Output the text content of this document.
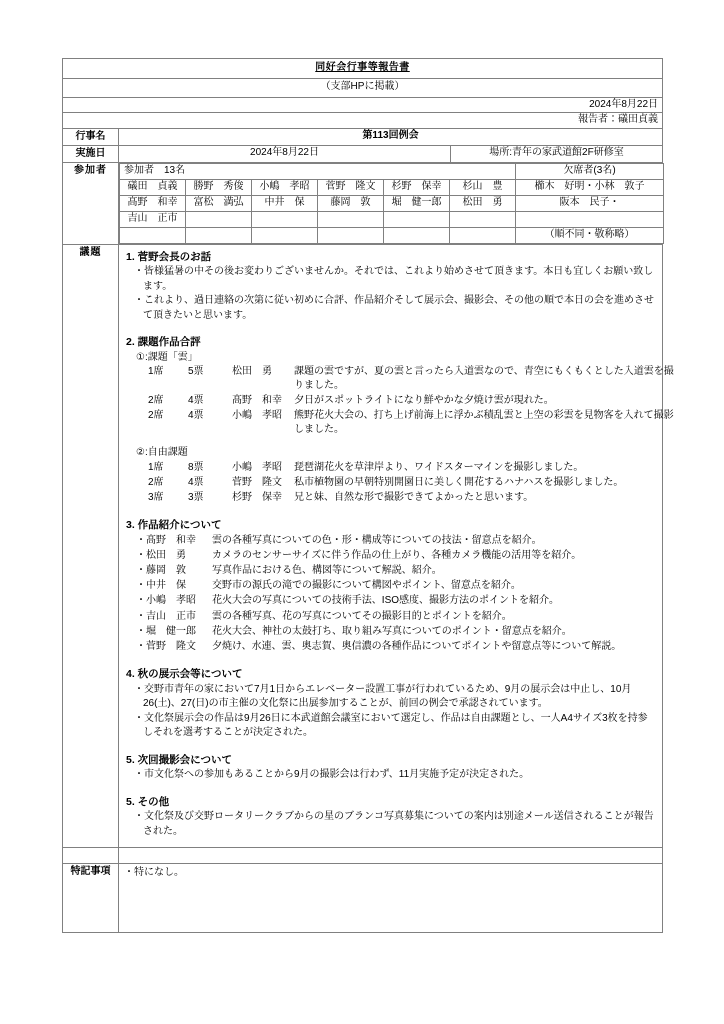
同好会行事等報告書
（支部HPに掲載）
2024年8月22日
報告者：礒田貞義
行事名	第113回例会
実施日	2024年8月22日	場所:青年の家武道館2F研修室
参加者	参加者　13名	欠席者(3名)
礒田　貞義	勝野　秀俊	小嶋　孝昭	菅野　隆文	杉野　保幸	杉山　豊	櫛木　好明・小林　敦子
髙野　和幸	富松　満弘	中井　保	藤岡　敦	堀　健一郎	松田　勇	阪本　民子・
吉山　正市						
						（順不同・敬称略）

議題	1. 菅野会長のお話
・皆様猛暑の中その後お変わりございませんか。それでは、これより始めさせて頂きます。本日も宜しくお願い致します。
・これより、過日連絡の次第に従い初めに合評、作品紹介そして展示会、撮影会、その他の順で本日の会を進めさせて頂きたいと思います。
2. 課題作品合評
①:課題「雲」
1席	5票	松田　勇	課題の雲ですが、夏の雲と言ったら入道雲なので、青空にもくもくとした入道雲を撮りました。
2席	4票	髙野　和幸	夕日がスポットライトになり鮮やかな夕焼け雲が現れた。
2席	4票	小嶋　孝昭	熊野花火大会の、打ち上げ前海上に浮かぶ積乱雲と上空の彩雲を見物客を入れて撮影しました。
②:自由課題
1席	8票	小嶋　孝昭	琵琶湖花火を草津岸より、ワイドスターマインを撮影しました。
2席	4票	菅野　隆文	私市植物園の早朝特別開園日に美しく開花するハナハスを撮影しました。
3席	3票	杉野　保幸	兄と妹、自然な形で撮影できてよかったと思います。
3. 作品紹介について
・髙野　和幸	雲の各種写真についての色・形・構成等についての技法・留意点を紹介。
・松田　勇	カメラのセンサーサイズに伴う作品の仕上がり、各種カメラ機能の活用等を紹介。
・藤岡　敦	写真作品における色、構図等について解説、紹介。
・中井　保	交野市の源氏の滝での撮影について構図やポイント、留意点を紹介。
・小嶋　孝昭	花火大会の写真についての技術手法、ISO感度、撮影方法のポイントを紹介。
・吉山　正市	雲の各種写真、花の写真についてその撮影目的とポイントを紹介。
・堀　健一郎	花火大会、神社の太鼓打ち、取り組み写真についてのポイント・留意点を紹介。
・菅野　隆文	夕焼け、水連、雲、奥志賀、奥信濃の各種作品についてポイントや留意点等について解説。
4. 秋の展示会等について
・交野市青年の家において7月1日からエレベーター設置工事が行われているため、9月の展示会は中止し、10月26(土)、27(日)の市主催の文化祭に出展参加することが、前回の例会で承認されています。
・文化祭展示会の作品は9月26日に本武道館会議室において選定し、作品は自由課題とし、一人A4サイズ3枚を持参しそれを選考することが決定された。
5. 次回撮影会について
・市文化祭への参加もあることから9月の撮影会は行わず、11月実施予定が決定された。
5. その他
・文化祭及び交野ロータリークラブからの星のブランコ写真募集についての案内は別途メール送信されることが報告された。

特記事項	・特になし。
